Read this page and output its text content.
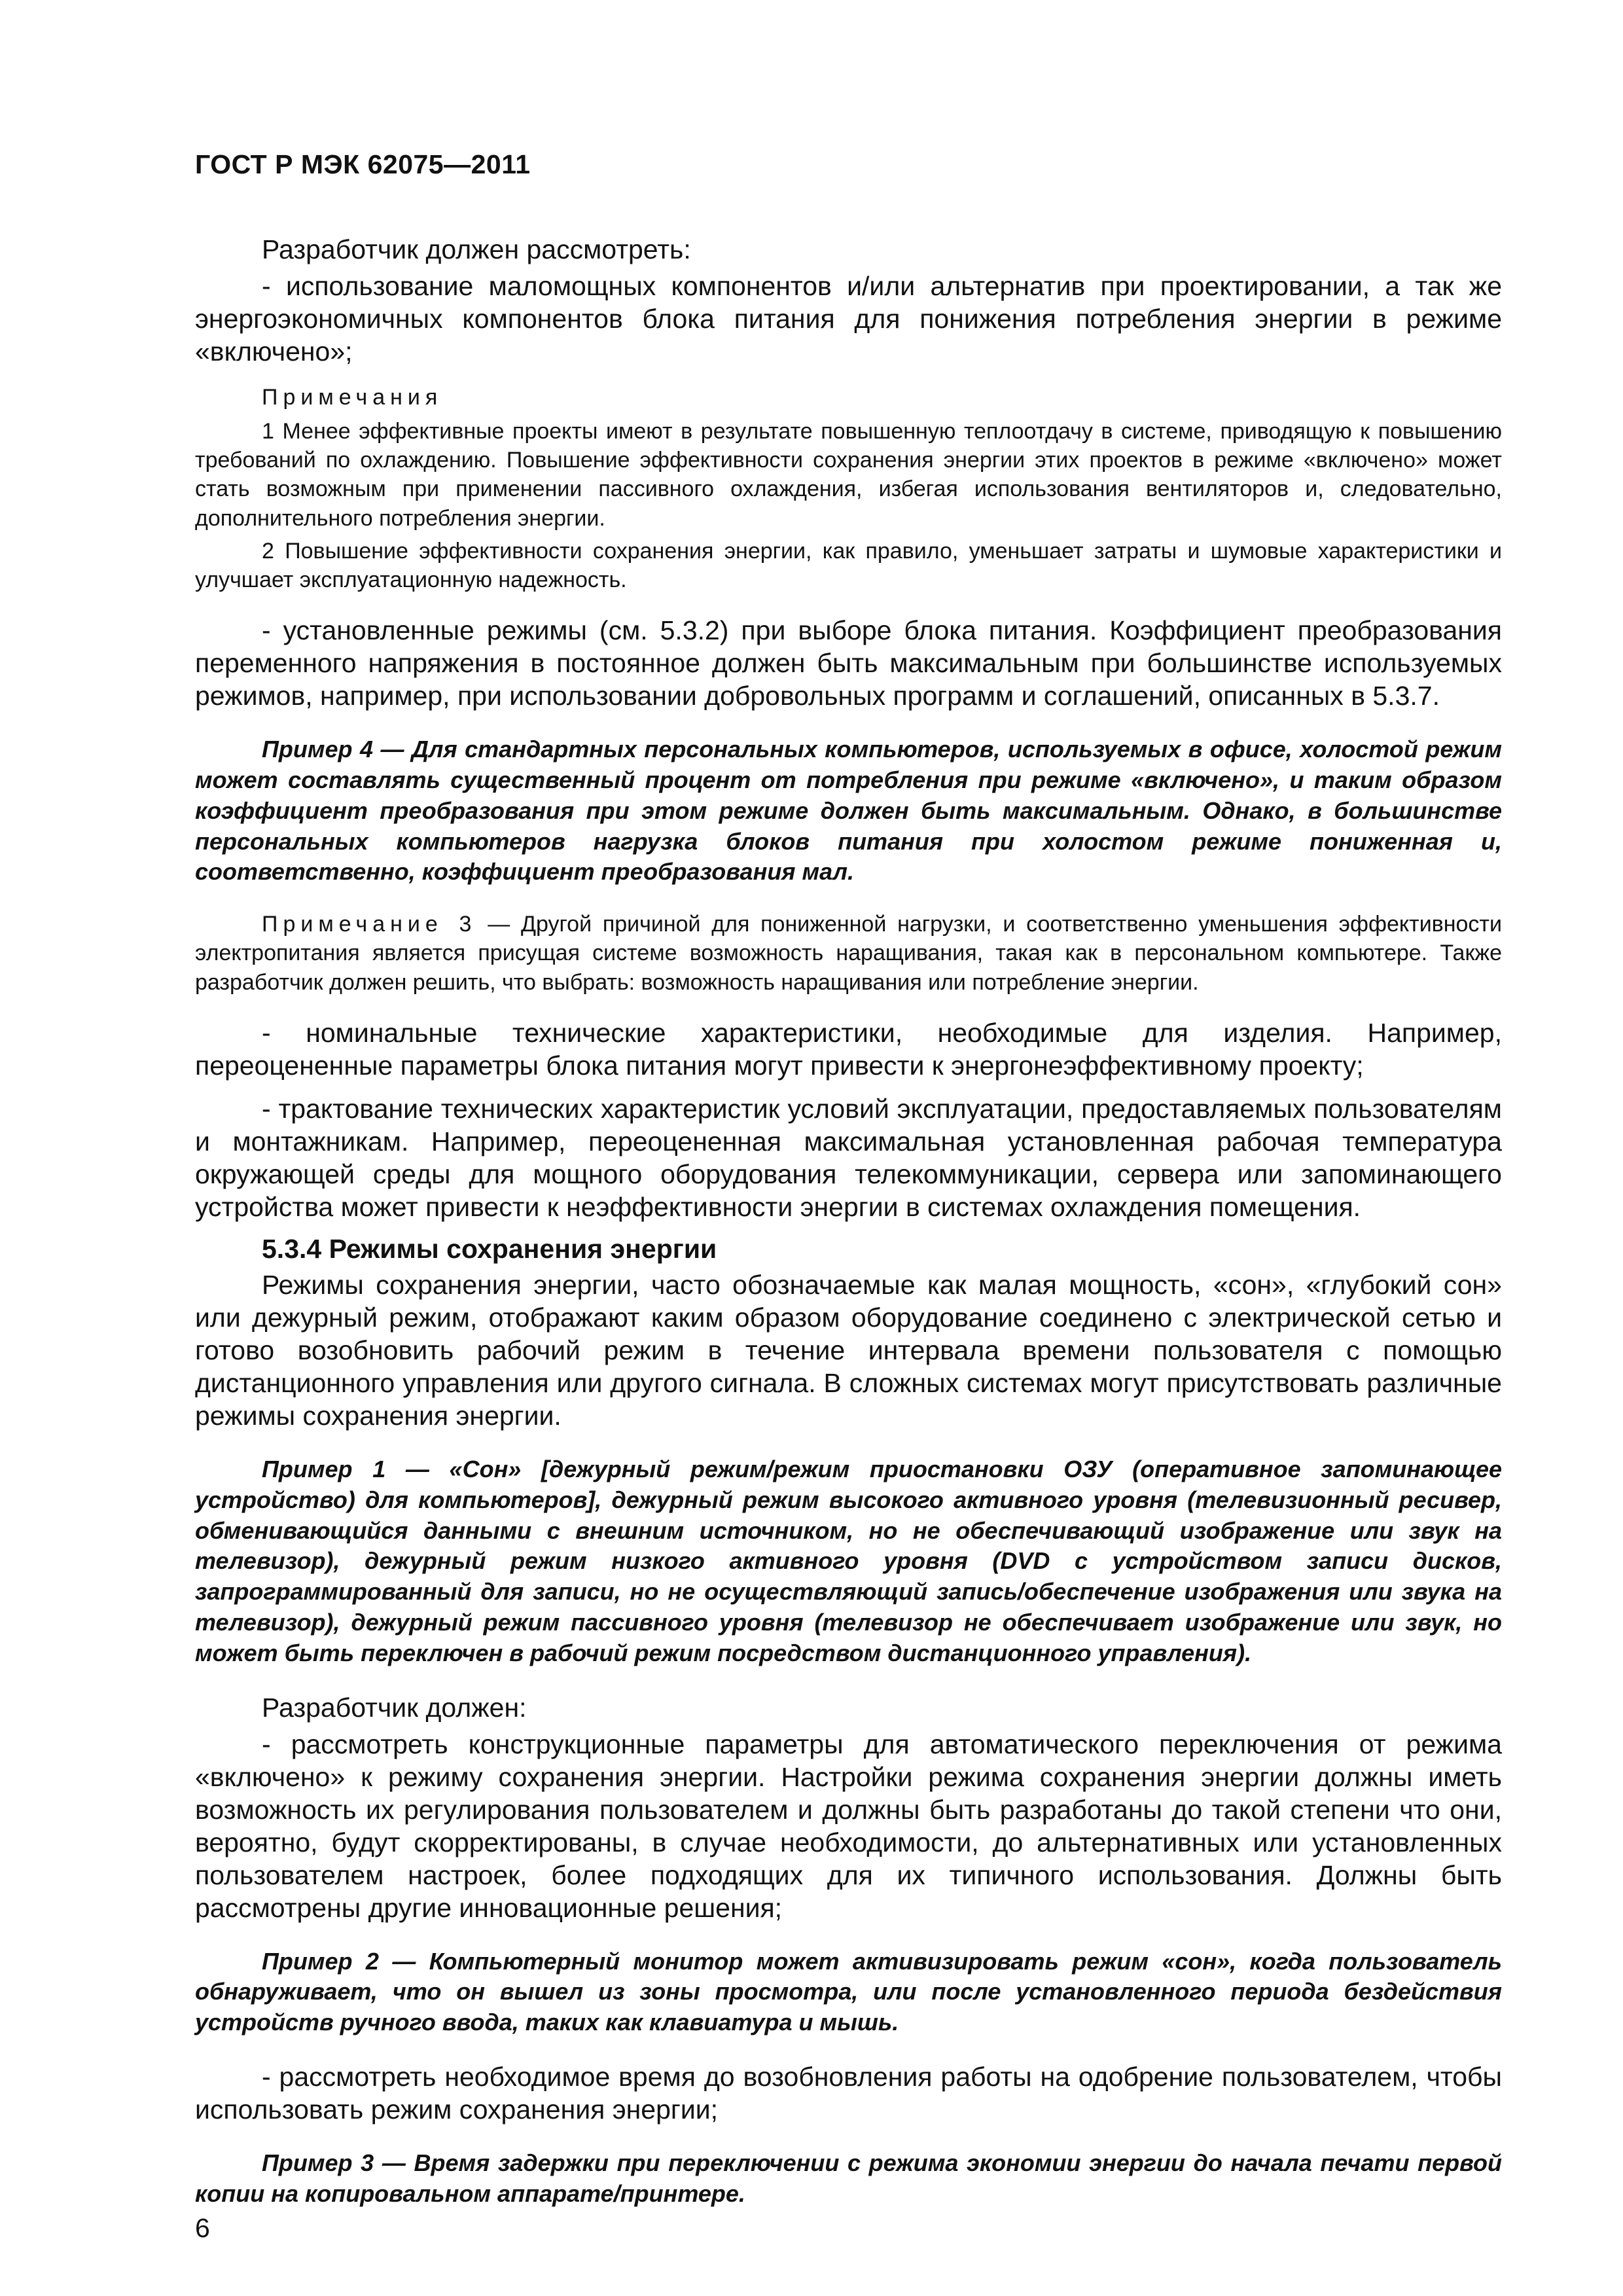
ГОСТ Р МЭК 62075—2011

Разработчик должен рассмотреть:

- использование маломощных компонентов и/или альтернатив при проектировании, а так же энергоэкономичных компонентов блока питания для понижения потребления энергии в режиме «включено»;

Примечания

1 Менее эффективные проекты имеют в результате повышенную теплоотдачу в системе, приводящую к повышению требований по охлаждению. Повышение эффективности сохранения энергии этих проектов в режиме «включено» может стать возможным при применении пассивного охлаждения, избегая использования вентиляторов и, следовательно, дополнительного потребления энергии.

2 Повышение эффективности сохранения энергии, как правило, уменьшает затраты и шумовые характеристики и улучшает эксплуатационную надежность.

- установленные режимы (см. 5.3.2) при выборе блока питания. Коэффициент преобразования переменного напряжения в постоянное должен быть максимальным при большинстве используемых режимов, например, при использовании добровольных программ и соглашений, описанных в 5.3.7.

Пример 4 — Для стандартных персональных компьютеров, используемых в офисе, холостой режим может составлять существенный процент от потребления при режиме «включено», и таким образом коэффициент преобразования при этом режиме должен быть максимальным. Однако, в большинстве персональных компьютеров нагрузка блоков питания при холостом режиме пониженная и, соответственно, коэффициент преобразования мал.

Примечание 3 — Другой причиной для пониженной нагрузки, и соответственно уменьшения эффективности электропитания является присущая системе возможность наращивания, такая как в персональном компьютере. Также разработчик должен решить, что выбрать: возможность наращивания или потребление энергии.

- номинальные технические характеристики, необходимые для изделия. Например, переоцененные параметры блока питания могут привести к энергонеэффективному проекту;

- трактование технических характеристик условий эксплуатации, предоставляемых пользователям и монтажникам. Например, переоцененная максимальная установленная рабочая температура окружающей среды для мощного оборудования телекоммуникации, сервера или запоминающего устройства может привести к неэффективности энергии в системах охлаждения помещения.

5.3.4 Режимы сохранения энергии

Режимы сохранения энергии, часто обозначаемые как малая мощность, «сон», «глубокий сон» или дежурный режим, отображают каким образом оборудование соединено с электрической сетью и готово возобновить рабочий режим в течение интервала времени пользователя с помощью дистанционного управления или другого сигнала. В сложных системах могут присутствовать различные режимы сохранения энергии.

Пример 1 — «Сон» [дежурный режим/режим приостановки ОЗУ (оперативное запоминающее устройство) для компьютеров], дежурный режим высокого активного уровня (телевизионный ресивер, обменивающийся данными с внешним источником, но не обеспечивающий изображение или звук на телевизор), дежурный режим низкого активного уровня (DVD с устройством записи дисков, запрограммированный для записи, но не осуществляющий запись/обеспечение изображения или звука на телевизор), дежурный режим пассивного уровня (телевизор не обеспечивает изображение или звук, но может быть переключен в рабочий режим посредством дистанционного управления).

Разработчик должен:

- рассмотреть конструкционные параметры для автоматического переключения от режима «включено» к режиму сохранения энергии. Настройки режима сохранения энергии должны иметь возможность их регулирования пользователем и должны быть разработаны до такой степени что они, вероятно, будут скорректированы, в случае необходимости, до альтернативных или установленных пользователем настроек, более подходящих для их типичного использования. Должны быть рассмотрены другие инновационные решения;

Пример 2 — Компьютерный монитор может активизировать режим «сон», когда пользователь обнаруживает, что он вышел из зоны просмотра, или после установленного периода бездействия устройств ручного ввода, таких как клавиатура и мышь.

- рассмотреть необходимое время до возобновления работы на одобрение пользователем, чтобы использовать режим сохранения энергии;

Пример 3 — Время задержки при переключении с режима экономии энергии до начала печати первой копии на копировальном аппарате/принтере.

6
